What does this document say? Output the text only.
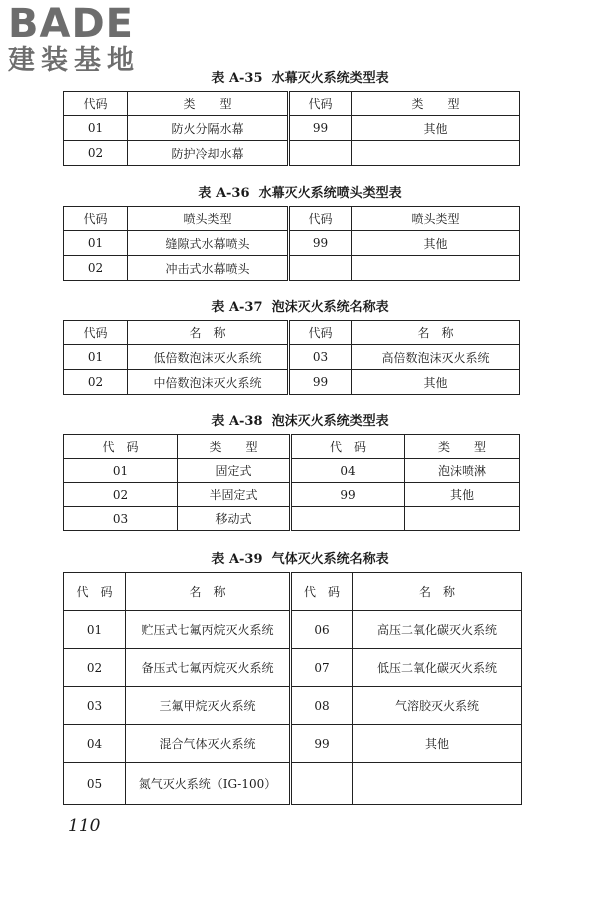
BADE
建装基地
表 A-35  水幕灭火系统类型表
代码	类　　型	代码	类　　型
01	防火分隔水幕	99	其他
02	防护冷却水幕		
表 A-36  水幕灭火系统喷头类型表
代码	喷头类型	代码	喷头类型
01	缝隙式水幕喷头	99	其他
02	冲击式水幕喷头		
表 A-37  泡沫灭火系统名称表
代码	名　称	代码	名　称
01	低倍数泡沫灭火系统	03	高倍数泡沫灭火系统
02	中倍数泡沫灭火系统	99	其他
表 A-38  泡沫灭火系统类型表
代　码	类　　型	代　码	类　　型
01	固定式	04	泡沫喷淋
02	半固定式	99	其他
03	移动式		
表 A-39  气体灭火系统名称表
代　码	名　称	代　码	名　称
01	贮压式七氟丙烷灭火系统	06	高压二氧化碳灭火系统
02	备压式七氟丙烷灭火系统	07	低压二氧化碳灭火系统
03	三氟甲烷灭火系统	08	气溶胶灭火系统
04	混合气体灭火系统	99	其他
05	氮气灭火系统（IG-100）		
110
